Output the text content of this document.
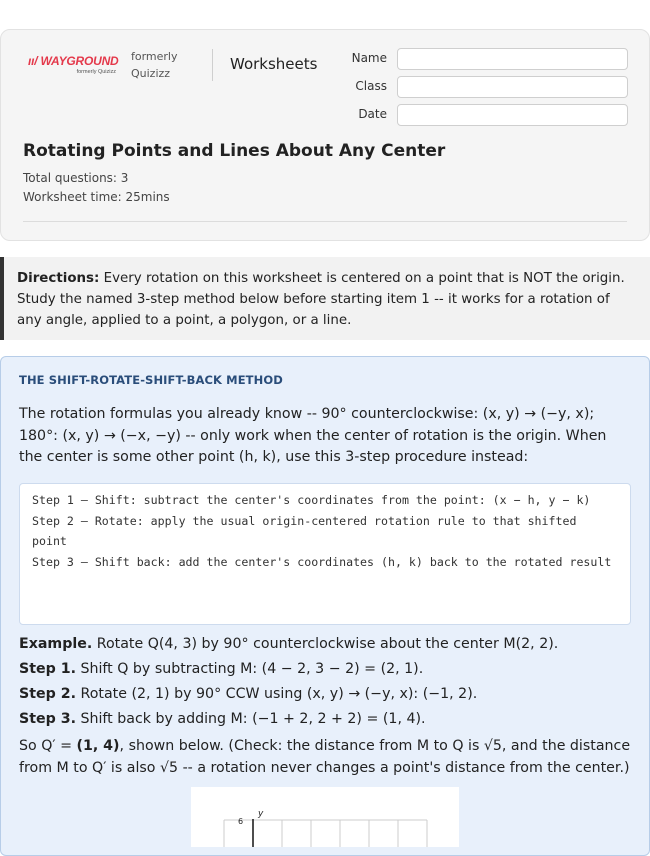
ıı/ WAYGROUND
formerly Quizizz
formerly Quizizz
Worksheets	Name
Class
Date
Rotating Points and Lines About Any Center
Total questions: 3
Worksheet time: 25mins
Directions: Every rotation on this worksheet is centered on a point that is NOT the origin. Study the named 3-step method below before starting item 1 -- it works for a rotation of any angle, applied to a point, a polygon, or a line.
THE SHIFT-ROTATE-SHIFT-BACK METHOD
The rotation formulas you already know -- 90° counterclockwise: (x, y) → (−y, x); 180°: (x, y) → (−x, −y) -- only work when the center of rotation is the origin. When the center is some other point (h, k), use this 3-step procedure instead:
Step 1 – Shift: subtract the center's coordinates from the point: (x − h, y − k)
Step 2 – Rotate: apply the usual origin-centered rotation rule to that shifted point
Step 3 – Shift back: add the center's coordinates (h, k) back to the rotated result
Example. Rotate Q(4, 3) by 90° counterclockwise about the center M(2, 2).
Step 1. Shift Q by subtracting M: (4 − 2, 3 − 2) = (2, 1).
Step 2. Rotate (2, 1) by 90° CCW using (x, y) → (−y, x): (−1, 2).
Step 3. Shift back by adding M: (−1 + 2, 2 + 2) = (1, 4).
So Q′ = (1, 4), shown below. (Check: the distance from M to Q is √5, and the distance from M to Q′ is also √5 -- a rotation never changes a point's distance from the center.)
y
6
